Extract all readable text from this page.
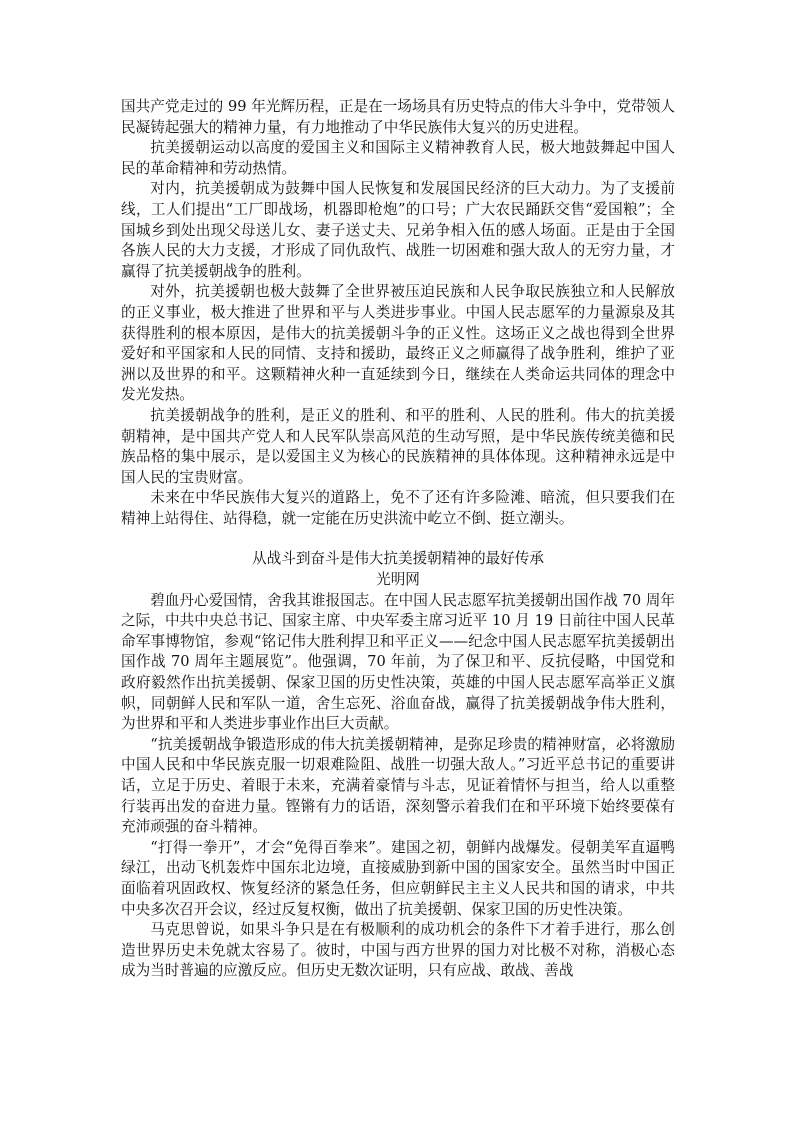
国共产党走过的 99 年光辉历程，正是在一场场具有历史特点的伟大斗争中，党带领人民凝铸起强大的精神力量，有力地推动了中华民族伟大复兴的历史进程。

抗美援朝运动以高度的爱国主义和国际主义精神教育人民，极大地鼓舞起中国人民的革命精神和劳动热情。

对内，抗美援朝成为鼓舞中国人民恢复和发展国民经济的巨大动力。为了支援前线，工人们提出“工厂即战场，机器即枪炮”的口号；广大农民踊跃交售“爱国粮”；全国城乡到处出现父母送儿女、妻子送丈夫、兄弟争相入伍的感人场面。正是由于全国各族人民的大力支援，才形成了同仇敌忾、战胜一切困难和强大敌人的无穷力量，才赢得了抗美援朝战争的胜利。

对外，抗美援朝也极大鼓舞了全世界被压迫民族和人民争取民族独立和人民解放的正义事业，极大推进了世界和平与人类进步事业。中国人民志愿军的力量源泉及其获得胜利的根本原因，是伟大的抗美援朝斗争的正义性。这场正义之战也得到全世界爱好和平国家和人民的同情、支持和援助，最终正义之师赢得了战争胜利，维护了亚洲以及世界的和平。这颗精神火种一直延续到今日，继续在人类命运共同体的理念中发光发热。

抗美援朝战争的胜利，是正义的胜利、和平的胜利、人民的胜利。伟大的抗美援朝精神，是中国共产党人和人民军队崇高风范的生动写照，是中华民族传统美德和民族品格的集中展示，是以爱国主义为核心的民族精神的具体体现。这种精神永远是中国人民的宝贵财富。

未来在中华民族伟大复兴的道路上，免不了还有许多险滩、暗流，但只要我们在精神上站得住、站得稳，就一定能在历史洪流中屹立不倒、挺立潮头。

从战斗到奋斗是伟大抗美援朝精神的最好传承

光明网

碧血丹心爱国情，舍我其谁报国志。在中国人民志愿军抗美援朝出国作战 70 周年之际，中共中央总书记、国家主席、中央军委主席习近平 10 月 19 日前往中国人民革命军事博物馆，参观“铭记伟大胜利捍卫和平正义——纪念中国人民志愿军抗美援朝出国作战 70 周年主题展览”。他强调，70 年前，为了保卫和平、反抗侵略，中国党和政府毅然作出抗美援朝、保家卫国的历史性决策，英雄的中国人民志愿军高举正义旗帜，同朝鲜人民和军队一道，舍生忘死、浴血奋战，赢得了抗美援朝战争伟大胜利，为世界和平和人类进步事业作出巨大贡献。

“抗美援朝战争锻造形成的伟大抗美援朝精神，是弥足珍贵的精神财富，必将激励中国人民和中华民族克服一切艰难险阻、战胜一切强大敌人。”习近平总书记的重要讲话，立足于历史、着眼于未来，充满着豪情与斗志，见证着情怀与担当，给人以重整行装再出发的奋进力量。铿锵有力的话语，深刻警示着我们在和平环境下始终要葆有充沛顽强的奋斗精神。

“打得一拳开”，才会“免得百拳来”。建国之初，朝鲜内战爆发。侵朝美军直逼鸭绿江，出动飞机轰炸中国东北边境，直接威胁到新中国的国家安全。虽然当时中国正面临着巩固政权、恢复经济的紧急任务，但应朝鲜民主主义人民共和国的请求，中共中央多次召开会议，经过反复权衡，做出了抗美援朝、保家卫国的历史性决策。

马克思曾说，如果斗争只是在有极顺利的成功机会的条件下才着手进行，那么创造世界历史未免就太容易了。彼时，中国与西方世界的国力对比极不对称，消极心态成为当时普遍的应激反应。但历史无数次证明，只有应战、敢战、善战
